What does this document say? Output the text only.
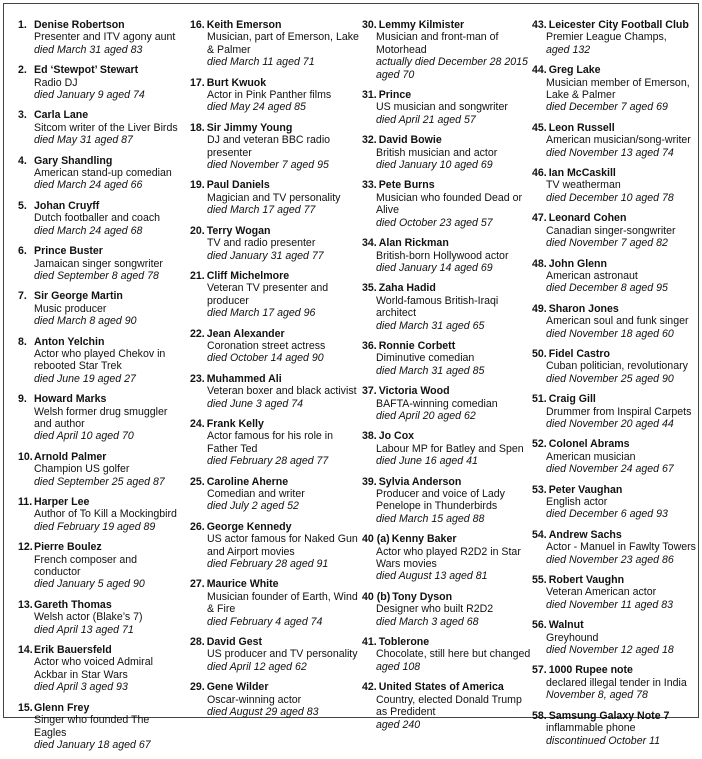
1. Denise Robertson
Presenter and ITV agony aunt
died March 31 aged 83
2. Ed ‘Stewpot’ Stewart
Radio DJ
died January 9 aged 74
3. Carla Lane
Sitcom writer of the Liver Birds
died May 31 aged 87
4. Gary Shandling
American stand-up comedian
died March 24 aged 66
5. Johan Cruyff
Dutch footballer and coach
died March 24 aged 68
6. Prince Buster
Jamaican singer songwriter
died September 8 aged 78
7. Sir George Martin
Music producer
died March 8 aged 90
8. Anton Yelchin
Actor who played Chekov in rebooted Star Trek
died June 19 aged 27
9. Howard Marks
Welsh former drug smuggler and author
died April 10 aged 70
10. Arnold Palmer
Champion US golfer
died September 25 aged 87
11. Harper Lee
Author of To Kill a Mockingbird
died February 19 aged 89
12. Pierre Boulez
French composer and conductor
died January 5 aged 90
13. Gareth Thomas
Welsh actor (Blake’s 7)
died April 13 aged 71
14. Erik Bauersfeld
Actor who voiced Admiral Ackbar in Star Wars
died April 3 aged 93
15. Glenn Frey
Singer who founded The Eagles
died January 18 aged 67
16. Keith Emerson
Musician, part of Emerson, Lake & Palmer
died March 11 aged 71
17. Burt Kwuok
Actor in Pink Panther films
died May 24 aged 85
18. Sir Jimmy Young
DJ and veteran BBC radio presenter
died November 7 aged 95
19. Paul Daniels
Magician and TV personality
died March 17 aged 77
20. Terry Wogan
TV and radio presenter
died January 31 aged 77
21. Cliff Michelmore
Veteran TV presenter and producer
died March 17 aged 96
22. Jean Alexander
Coronation street actress
died October 14 aged 90
23. Muhammed Ali
Veteran boxer and black activist
died June 3 aged 74
24. Frank Kelly
Actor famous for his role in Father Ted
died February 28 aged 77
25. Caroline Aherne
Comedian and writer
died July 2 aged 52
26. George Kennedy
US actor famous for Naked Gun and Airport movies
died February 28 aged 91
27. Maurice White
Musician founder of Earth, Wind & Fire
died February 4 aged 74
28. David Gest
US producer and TV personality
died April 12 aged 62
29. Gene Wilder
Oscar-winning actor
died August 29 aged 83
30. Lemmy Kilmister
Musician and front-man of Motorhead
actually died December 28 2015 aged 70
31. Prince
US musician and songwriter
died April 21 aged 57
32. David Bowie
British musician and actor
died January 10 aged 69
33. Pete Burns
Musician who founded Dead or Alive
died October 23 aged 57
34. Alan Rickman
British-born Hollywood actor
died January 14 aged 69
35. Zaha Hadid
World-famous British-Iraqi architect
died March 31 aged 65
36. Ronnie Corbett
Diminutive comedian
died March 31 aged 85
37. Victoria Wood
BAFTA-winning comedian
died April 20 aged 62
38. Jo Cox
Labour MP for Batley and Spen
died June 16 aged 41
39. Sylvia Anderson
Producer and voice of Lady Penelope in Thunderbirds
died March 15 aged 88
40 (a) Kenny Baker
Actor who played R2D2 in Star Wars movies
died August 13 aged 81
40 (b) Tony Dyson
Designer who built R2D2
died March 3 aged 68
41. Toblerone
Chocolate, still here but changed
aged 108
42. United States of America
Country, elected Donald Trump as Predident
aged 240
43. Leicester City Football Club
Premier League Champs,
aged 132
44. Greg Lake
Musician member of Emerson, Lake & Palmer
died December 7 aged 69
45. Leon Russell
American musician/song-writer
died November 13 aged 74
46. Ian McCaskill
TV weatherman
died December 10 aged 78
47. Leonard Cohen
Canadian singer-songwriter
died November 7 aged 82
48. John Glenn
American astronaut
died December 8 aged 95
49. Sharon Jones
American soul and funk singer
died November 18 aged 60
50. Fidel Castro
Cuban politician, revolutionary
died November 25 aged 90
51. Craig Gill
Drummer from Inspiral Carpets
died November 20 aged 44
52. Colonel Abrams
American musician
died November 24 aged 67
53. Peter Vaughan
English actor
died December 6 aged 93
54. Andrew Sachs
Actor - Manuel in Fawlty Towers
died November 23 aged 86
55. Robert Vaughn
Veteran American actor
died November 11 aged 83
56. Walnut
Greyhound
died November 12 aged 18
57. 1000 Rupee note
declared illegal tender in India
November 8, aged 78
58. Samsung Galaxy Note 7
inflammable phone
discontinued October 11
